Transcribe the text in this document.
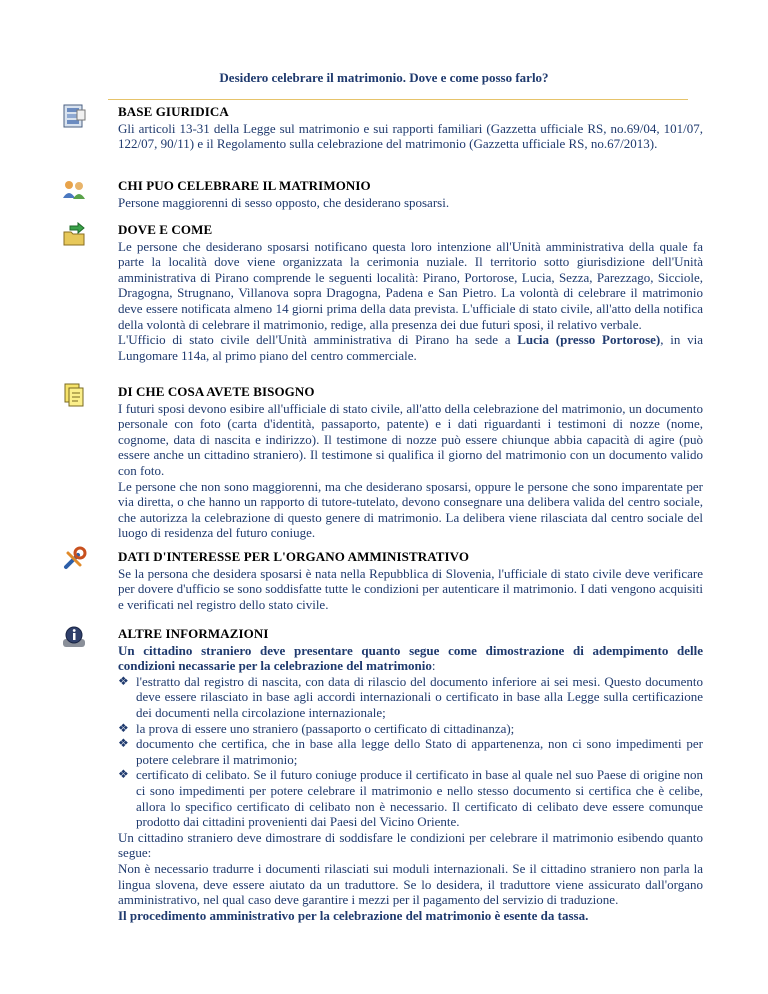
Desidero celebrare il matrimonio. Dove e come posso farlo?
BASE GIURIDICA

Gli articoli 13-31 della Legge sul matrimonio e sui rapporti familiari (Gazzetta ufficiale RS, no.69/04, 101/07, 122/07, 90/11) e il Regolamento sulla celebrazione del matrimonio (Gazzetta ufficiale RS, no.67/2013).

CHI PUO CELEBRARE IL MATRIMONIO

Persone maggiorenni di sesso opposto, che desiderano sposarsi.

DOVE E COME

Le persone che desiderano sposarsi notificano questa loro intenzione all'Unità amministrativa della quale fa parte la località dove viene organizzata la cerimonia nuziale. Il territorio sotto giurisdizione dell'Unità amministrativa di Pirano comprende le seguenti località: Pirano, Portorose, Lucia, Sezza, Parezzago, Sicciole, Dragogna, Strugnano, Villanova sopra Dragogna, Padena e San Pietro. La volontà di celebrare il matrimonio deve essere notificata almeno 14 giorni prima della data prevista. L'ufficiale di stato civile, all'atto della notifica della volontà di celebrare il matrimonio, redige, alla presenza dei due futuri sposi, il relativo verbale.

L'Ufficio di stato civile dell'Unità amministrativa di Pirano ha sede a Lucia (presso Portorose), in via Lungomare 114a, al primo piano del centro commerciale.

DI CHE COSA AVETE BISOGNO

I futuri sposi devono esibire all'ufficiale di stato civile, all'atto della celebrazione del matrimonio, un documento personale con foto (carta d'identità, passaporto, patente) e i dati riguardanti i testimoni di nozze (nome, cognome, data di nascita e indirizzo). Il testimone di nozze può essere chiunque abbia capacità di agire (può essere anche un cittadino straniero). Il testimone si qualifica il giorno del matrimonio con un documento valido con foto.

Le persone che non sono maggiorenni, ma che desiderano sposarsi, oppure le persone che sono imparentate per via diretta, o che hanno un rapporto di tutore-tutelato, devono consegnare una delibera valida del centro sociale, che autorizza la celebrazione di questo genere di matrimonio. La delibera viene rilasciata dal centro sociale del luogo di residenza del futuro coniuge.

DATI D'INTERESSE PER L'ORGANO AMMINISTRATIVO

Se la persona che desidera sposarsi è nata nella Repubblica di Slovenia, l'ufficiale di stato civile deve verificare per dovere d'ufficio se sono soddisfatte tutte le condizioni per autenticare il matrimonio. I dati vengono acquisiti e verificati nel registro dello stato civile.

ALTRE INFORMAZIONI

Un cittadino straniero deve presentare quanto segue come dimostrazione di adempimento delle condizioni necassarie per la celebrazione del matrimonio:

❖ l'estratto dal registro di nascita, con data di rilascio del documento inferiore ai sei mesi. Questo documento deve essere rilasciato in base agli accordi internazionali o certificato in base alla Legge sulla certificazione dei documenti nella circolazione internazionale;
❖ la prova di essere uno straniero (passaporto o certificato di cittadinanza);
❖ documento che certifica, che in base alla legge dello Stato di appartenenza, non ci sono impedimenti per potere celebrare il matrimonio;
❖ certificato di celibato. Se il futuro coniuge produce il certificato in base al quale nel suo Paese di origine non ci sono impedimenti per potere celebrare il matrimonio e nello stesso documento si certifica che è celibe, allora lo specifico certificato di celibato non è necessario. Il certificato di celibato deve essere comunque prodotto dai cittadini provenienti dai Paesi del Vicino Oriente.

Un cittadino straniero deve dimostrare di soddisfare le condizioni per celebrare il matrimonio esibendo quanto segue:

Non è necessario tradurre i documenti rilasciati sui moduli internazionali. Se il cittadino straniero non parla la lingua slovena, deve essere aiutato da un traduttore. Se lo desidera, il traduttore viene assicurato dall'organo amministrativo, nel qual caso deve garantire i mezzi per il pagamento del servizio di traduzione.

Il procedimento amministrativo per la celebrazione del matrimonio è esente da tassa.
